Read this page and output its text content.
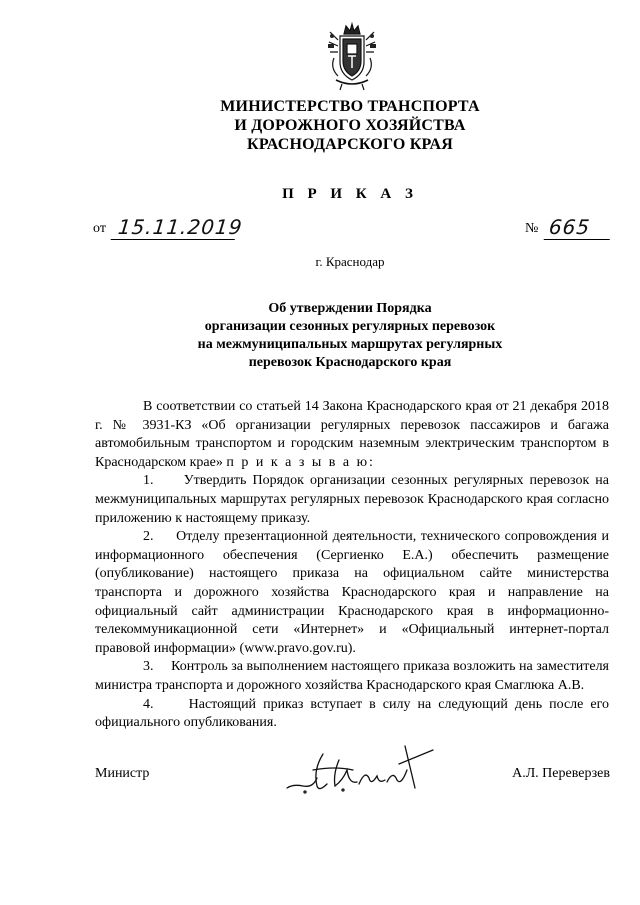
МИНИСТЕРСТВО ТРАНСПОРТА
И ДОРОЖНОГО ХОЗЯЙСТВА
КРАСНОДАРСКОГО КРАЯ
П Р И К А З
от 15.11.2019	№ 665
г. Краснодар
Об утверждении Порядка
организации сезонных регулярных перевозок
на межмуниципальных маршрутах регулярных
перевозок Краснодарского края

В соответствии со статьей 14 Закона Краснодарского края от 21 декабря 2018 г. № 3931-КЗ «Об организации регулярных перевозок пассажиров и багажа автомобильным транспортом и городским наземным электрическим транспортом в Краснодарском крае» п р и к а з ы в а ю:

1.     Утвердить Порядок организации сезонных регулярных перевозок на межмуниципальных маршрутах регулярных перевозок Краснодарского края согласно приложению к настоящему приказу.

2.     Отделу презентационной деятельности, технического сопровождения и информационного обеспечения (Сергиенко Е.А.) обеспечить размещение (опубликование) настоящего приказа на официальном сайте министерства транспорта и дорожного хозяйства Краснодарского края и направление на официальный сайт администрации Краснодарского края в информационно-телекоммуникационной сети «Интернет» и «Официальный интернет-портал правовой информации» (www.pravo.gov.ru).

3.     Контроль за выполнением настоящего приказа возложить на заместителя министра транспорта и дорожного хозяйства Краснодарского края Смаглюка А.В.

4.     Настоящий приказ вступает в силу на следующий день после его официального опубликования.

Министр	А.Л. Переверзев
